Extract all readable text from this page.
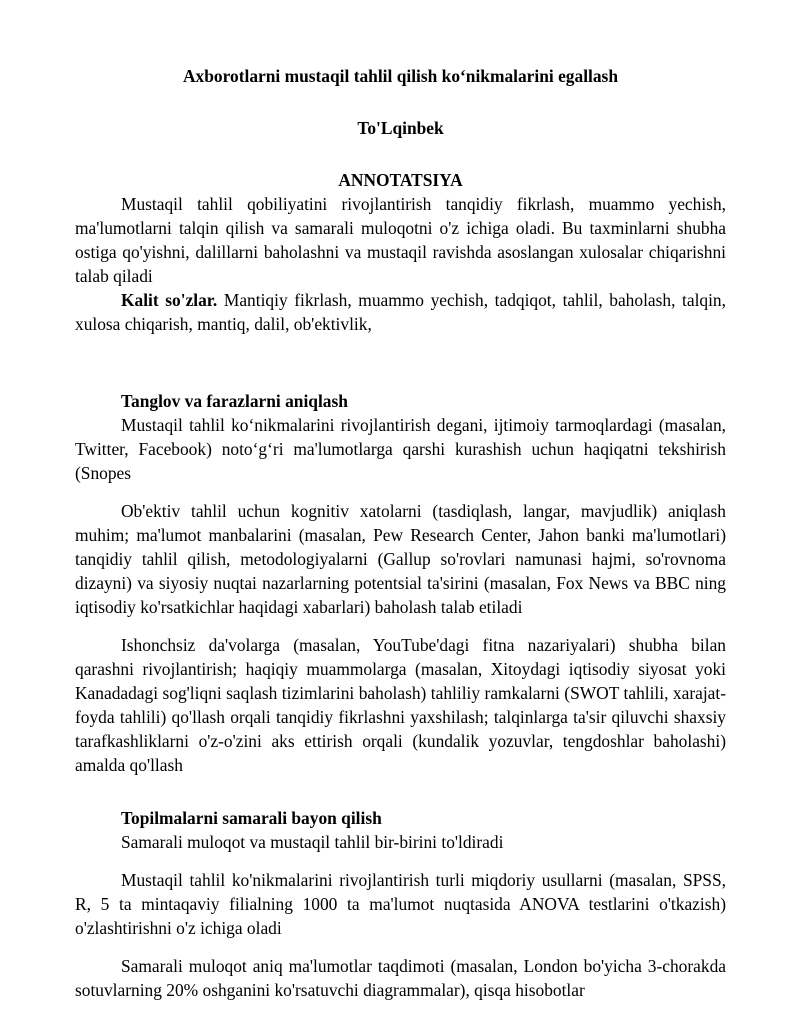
Axborotlarni mustaqil tahlil qilish ko‘nikmalarini egallash
To'Lqinbek
ANNOTATSIYA

Mustaqil tahlil qobiliyatini rivojlantirish tanqidiy fikrlash, muammo yechish, ma'lumotlarni talqin qilish va samarali muloqotni o'z ichiga oladi. Bu taxminlarni shubha ostiga qo'yishni, dalillarni baholashni va mustaqil ravishda asoslangan xulosalar chiqarishni talab qiladi

Kalit so'zlar. Mantiqiy fikrlash, muammo yechish, tadqiqot, tahlil, baholash, talqin, xulosa chiqarish, mantiq, dalil, ob'ektivlik,

Tanglov va farazlarni aniqlash

Mustaqil tahlil ko‘nikmalarini rivojlantirish degani, ijtimoiy tarmoqlardagi (masalan, Twitter, Facebook) noto‘g‘ri ma'lumotlarga qarshi kurashish uchun haqiqatni tekshirish (Snopes

Ob'ektiv tahlil uchun kognitiv xatolarni (tasdiqlash, langar, mavjudlik) aniqlash muhim; ma'lumot manbalarini (masalan, Pew Research Center, Jahon banki ma'lumotlari) tanqidiy tahlil qilish, metodologiyalarni (Gallup so'rovlari namunasi hajmi, so'rovnoma dizayni) va siyosiy nuqtai nazarlarning potentsial ta'sirini (masalan, Fox News va BBC ning iqtisodiy ko'rsatkichlar haqidagi xabarlari) baholash talab etiladi

Ishonchsiz da'volarga (masalan, YouTube'dagi fitna nazariyalari) shubha bilan qarashni rivojlantirish; haqiqiy muammolarga (masalan, Xitoydagi iqtisodiy siyosat yoki Kanadadagi sog'liqni saqlash tizimlarini baholash) tahliliy ramkalarni (SWOT tahlili, xarajat-foyda tahlili) qo'llash orqali tanqidiy fikrlashni yaxshilash; talqinlarga ta'sir qiluvchi shaxsiy tarafkashliklarni o'z-o'zini aks ettirish orqali (kundalik yozuvlar, tengdoshlar baholashi) amalda qo'llash

Topilmalarni samarali bayon qilish

Samarali muloqot va mustaqil tahlil bir-birini to'ldiradi

Mustaqil tahlil ko'nikmalarini rivojlantirish turli miqdoriy usullarni (masalan, SPSS, R, 5 ta mintaqaviy filialning 1000 ta ma'lumot nuqtasida ANOVA testlarini o'tkazish) o'zlashtirishni o'z ichiga oladi

Samarali muloqot aniq ma'lumotlar taqdimoti (masalan, London bo'yicha 3-chorakda sotuvlarning 20% oshganini ko'rsatuvchi diagrammalar), qisqa hisobotlar
